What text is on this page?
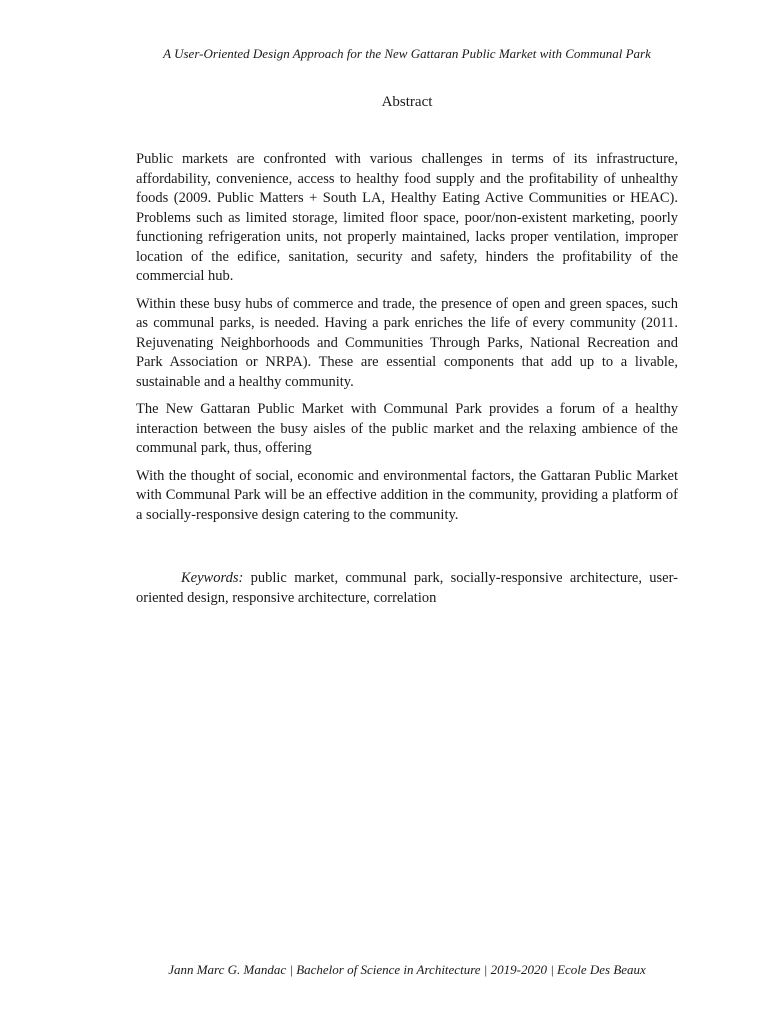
A User-Oriented Design Approach for the New Gattaran Public Market with Communal Park
Abstract

Public markets are confronted with various challenges in terms of its infrastructure, affordability, convenience, access to healthy food supply and the profitability of unhealthy foods (2009. Public Matters + South LA, Healthy Eating Active Communities or HEAC). Problems such as limited storage, limited floor space, poor/non-existent marketing, poorly functioning refrigeration units, not properly maintained, lacks proper ventilation, improper location of the edifice, sanitation, security and safety, hinders the profitability of the commercial hub.

Within these busy hubs of commerce and trade, the presence of open and green spaces, such as communal parks, is needed. Having a park enriches the life of every community (2011. Rejuvenating Neighborhoods and Communities Through Parks, National Recreation and Park Association or NRPA). These are essential components that add up to a livable, sustainable and a healthy community.

The New Gattaran Public Market with Communal Park provides a forum of a healthy interaction between the busy aisles of the public market and the relaxing ambience of the communal park, thus, offering

With the thought of social, economic and environmental factors, the Gattaran Public Market with Communal Park will be an effective addition in the community, providing a platform of a socially-responsive design catering to the community.

Keywords: public market, communal park, socially-responsive architecture, user-oriented design, responsive architecture, correlation
Jann Marc G. Mandac | Bachelor of Science in Architecture | 2019-2020 | Ecole Des Beaux
